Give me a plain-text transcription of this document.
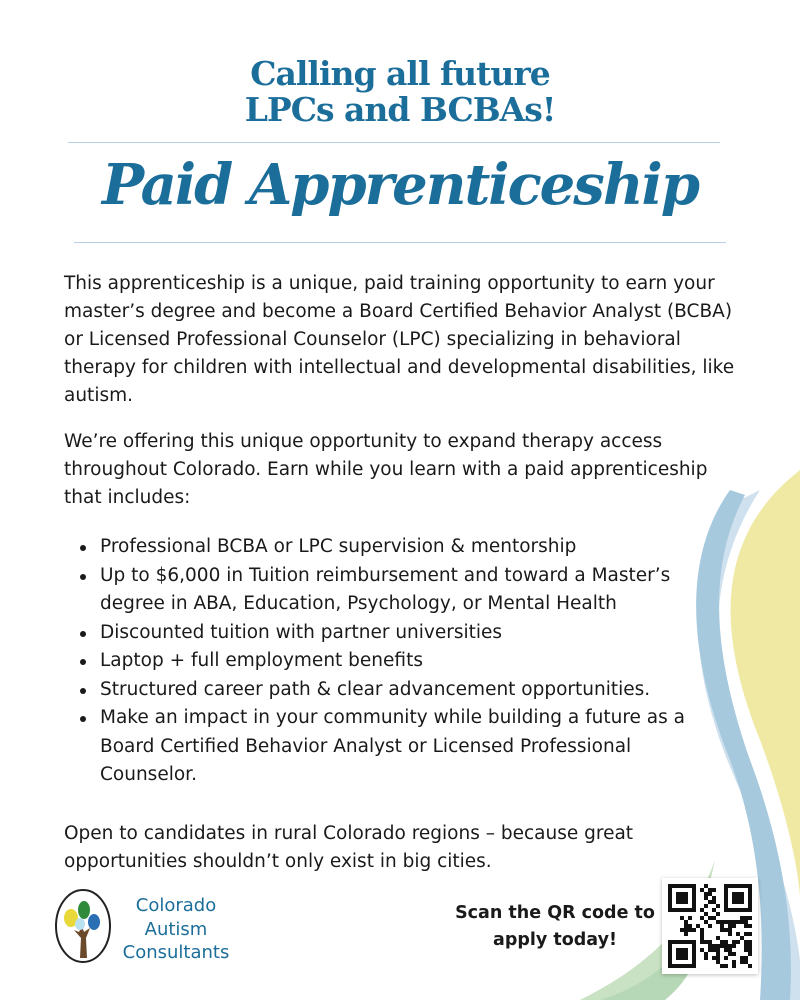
Calling all future
LPCs and BCBAs!
Paid Apprenticeship

This apprenticeship is a unique, paid training opportunity to earn your master’s degree and become a Board Certified Behavior Analyst (BCBA) or Licensed Professional Counselor (LPC) specializing in behavioral therapy for children with intellectual and developmental disabilities, like autism.

We’re offering this unique opportunity to expand therapy access throughout Colorado. Earn while you learn with a paid apprenticeship that includes:

Professional BCBA or LPC supervision & mentorship
Up to $6,000 in Tuition reimbursement and toward a Master’s degree in ABA, Education, Psychology, or Mental Health
Discounted tuition with partner universities
Laptop + full employment benefits
Structured career path & clear advancement opportunities.
Make an impact in your community while building a future as a Board Certified Behavior Analyst or Licensed Professional Counselor.

Open to candidates in rural Colorado regions – because great opportunities shouldn’t only exist in big cities.

Colorado
Autism
Consultants
Scan the QR code to
apply today!
